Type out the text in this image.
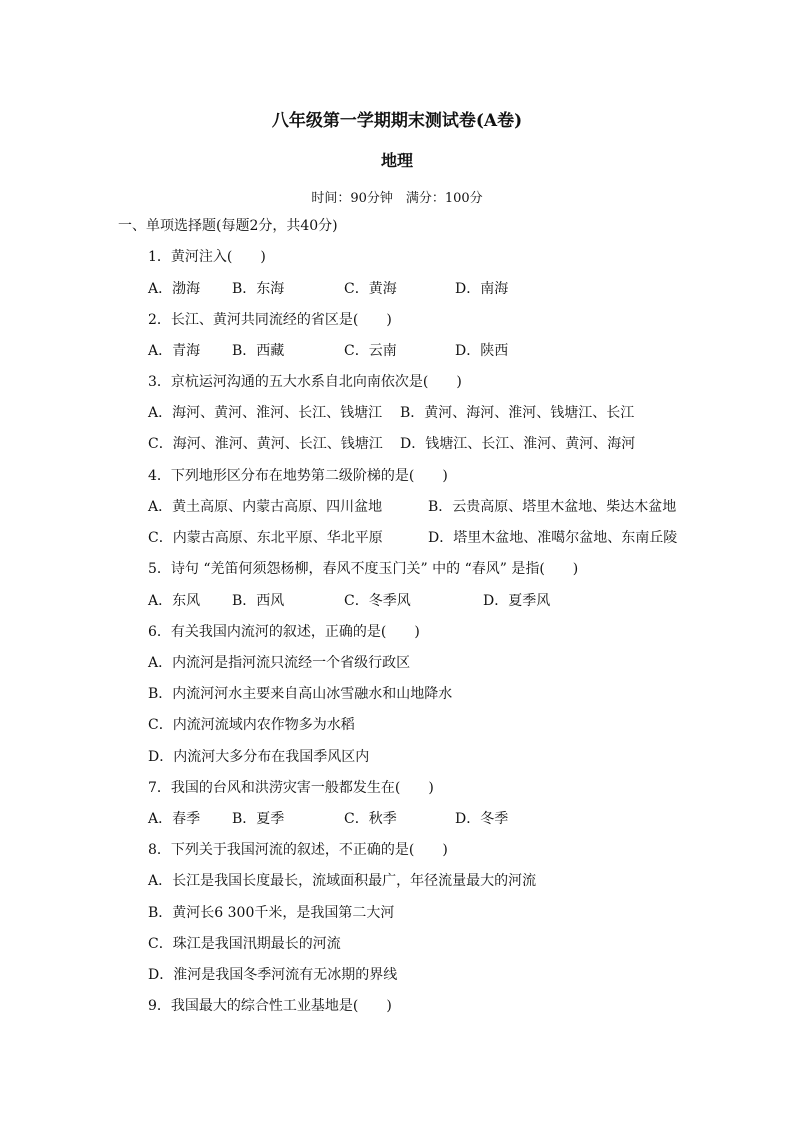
八年级第一学期期末测试卷(A卷)
地理
时间：90分钟　满分：100分
一、单项选择题(每题2分，共40分)
1．黄河注入(　　)
A．渤海 B．东海	C．黄海	D．南海
2．长江、黄河共同流经的省区是(　　)
A．青海 B．西藏	C．云南	D．陕西
3．京杭运河沟通的五大水系自北向南依次是(　　)
A．海河、黄河、淮河、长江、钱塘江 B．黄河、海河、淮河、钱塘江、长江
C．海河、淮河、黄河、长江、钱塘江 D．钱塘江、长江、淮河、黄河、海河
4．下列地形区分布在地势第二级阶梯的是(　　)
A．黄土高原、内蒙古高原、四川盆地	B．云贵高原、塔里木盆地、柴达木盆地
C．内蒙古高原、东北平原、华北平原	D．塔里木盆地、准噶尔盆地、东南丘陵
5．诗句 “羌笛何须怨杨柳，春风不度玉门关” 中的 “春风” 是指(　　)
A．东风 B．西风	C．冬季风	D．夏季风
6．有关我国内流河的叙述，正确的是(　　)
A．内流河是指河流只流经一个省级行政区
B．内流河河水主要来自高山冰雪融水和山地降水
C．内流河流域内农作物多为水稻
D．内流河大多分布在我国季风区内
7．我国的台风和洪涝灾害一般都发生在(　　)
A．春季 B．夏季	C．秋季	D．冬季
8．下列关于我国河流的叙述，不正确的是(　　)
A．长江是我国长度最长，流域面积最广，年径流量最大的河流
B．黄河长6 300千米，是我国第二大河
C．珠江是我国汛期最长的河流
D．淮河是我国冬季河流有无冰期的界线
9．我国最大的综合性工业基地是(　　)
